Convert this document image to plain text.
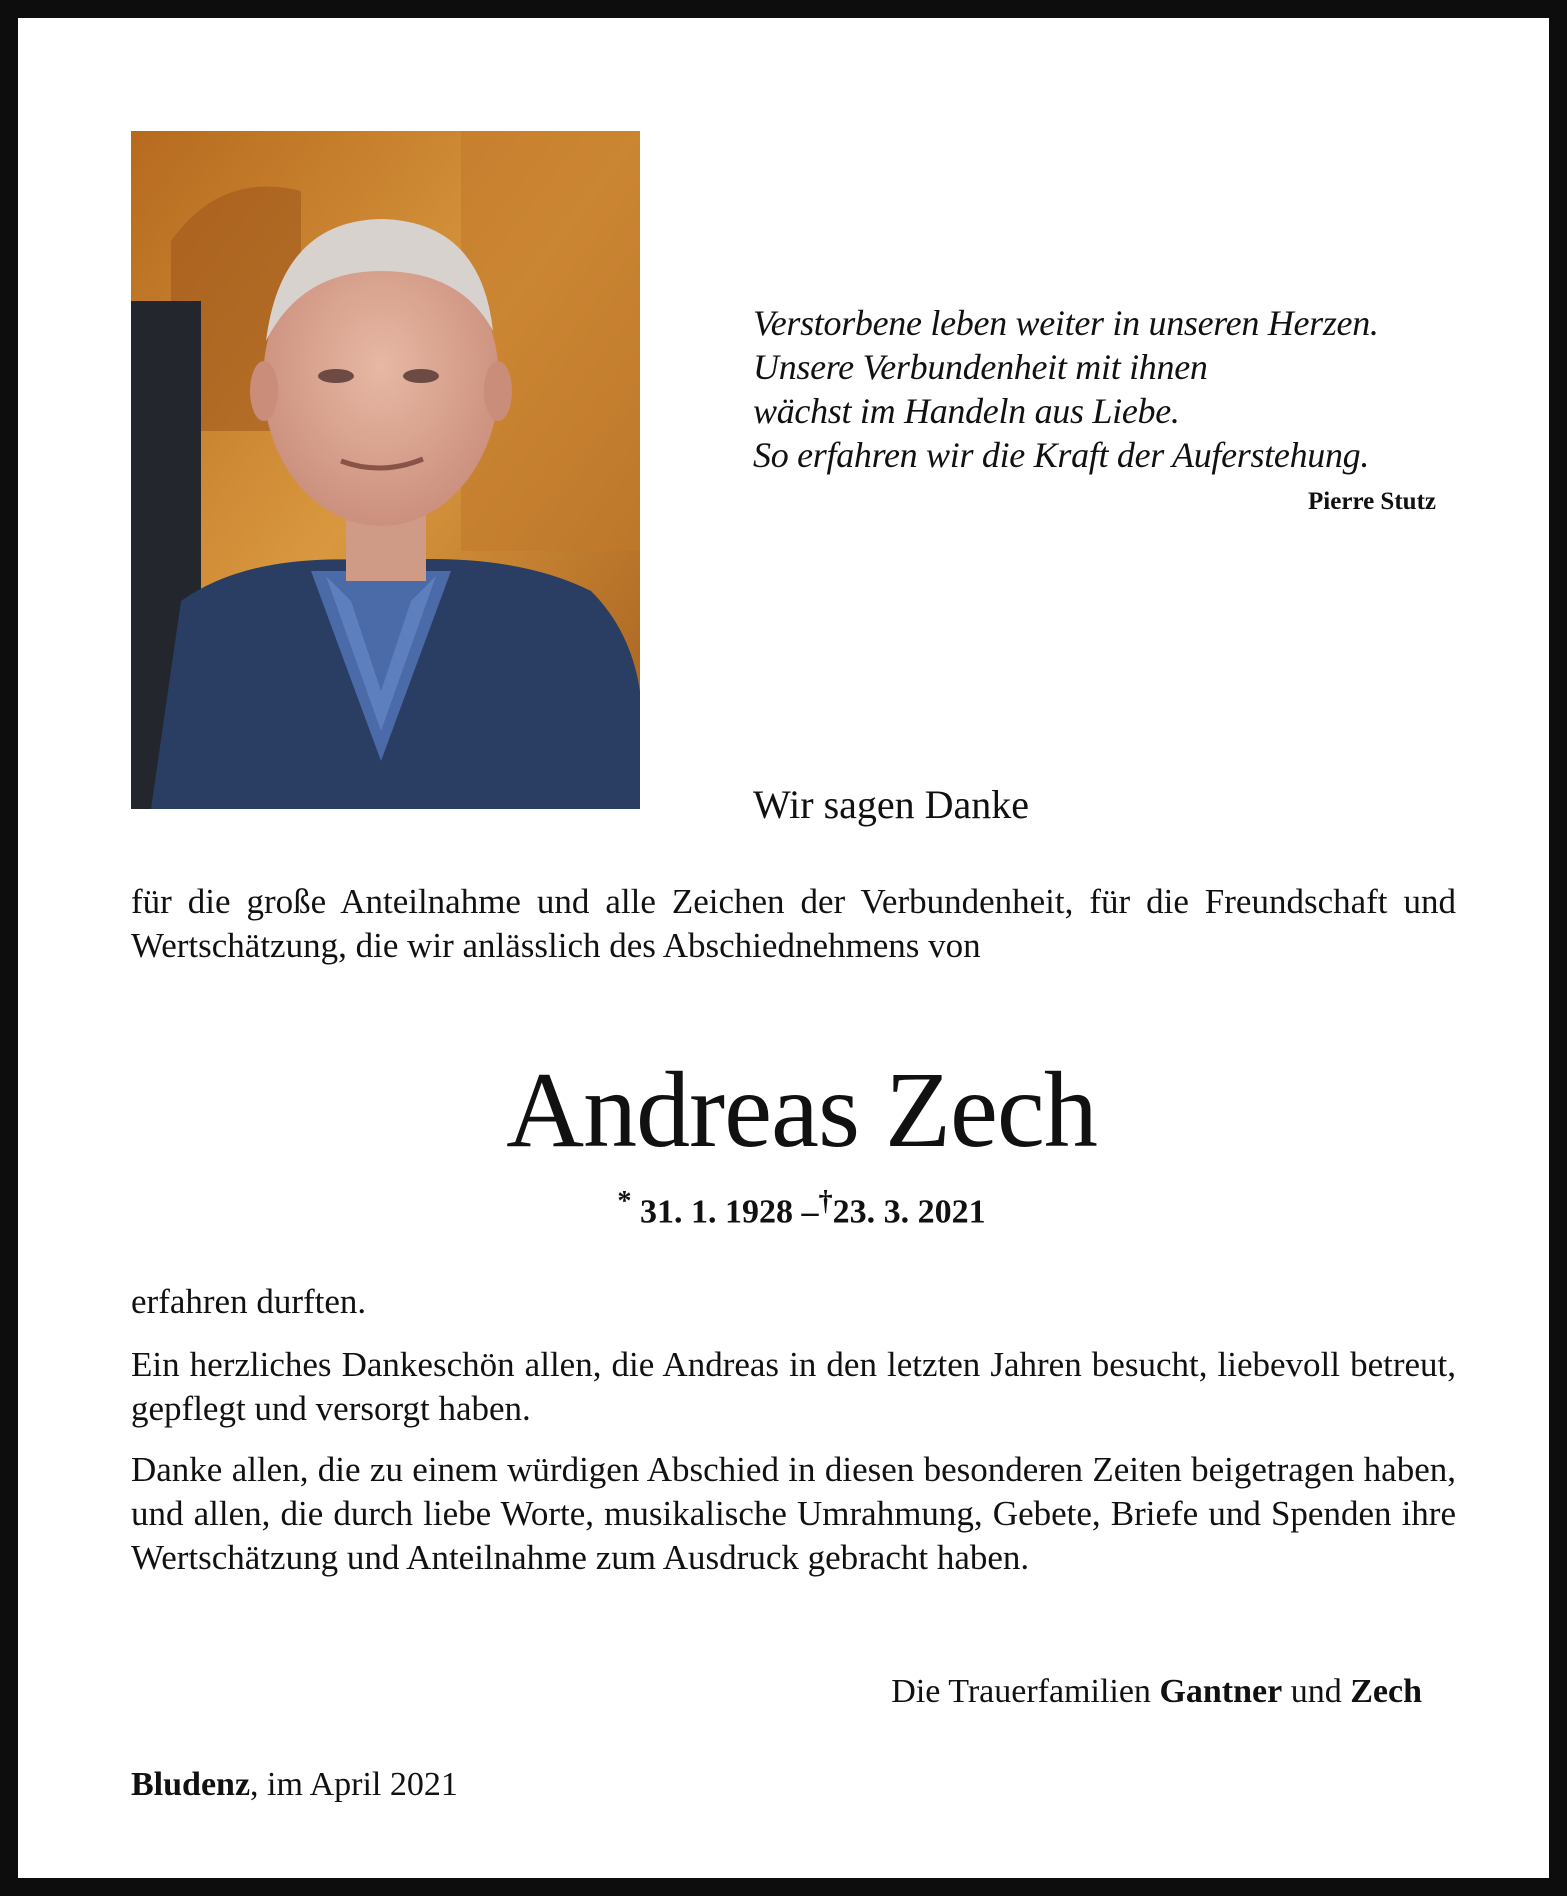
Verstorbene leben weiter in unseren Herzen.
Unsere Verbundenheit mit ihnen
wächst im Handeln aus Liebe.
So erfahren wir die Kraft der Auferstehung.
Pierre Stutz
Wir sagen Danke
für die große Anteilnahme und alle Zeichen der Verbundenheit, für die Freundschaft und Wertschätzung, die wir anlässlich des Abschiednehmens von
Andreas Zech
* 31. 1. 1928 –†23. 3. 2021
erfahren durften.
Ein herzliches Dankeschön allen, die Andreas in den letzten Jahren besucht, liebevoll betreut, gepflegt und versorgt haben.
Danke allen, die zu einem würdigen Abschied in diesen besonderen Zeiten beigetragen haben, und allen, die durch liebe Worte, musikalische Umrahmung, Gebete, Briefe und Spenden ihre Wertschätzung und Anteilnahme zum Ausdruck gebracht haben.
Die Trauerfamilien Gantner und Zech
Bludenz, im April 2021
